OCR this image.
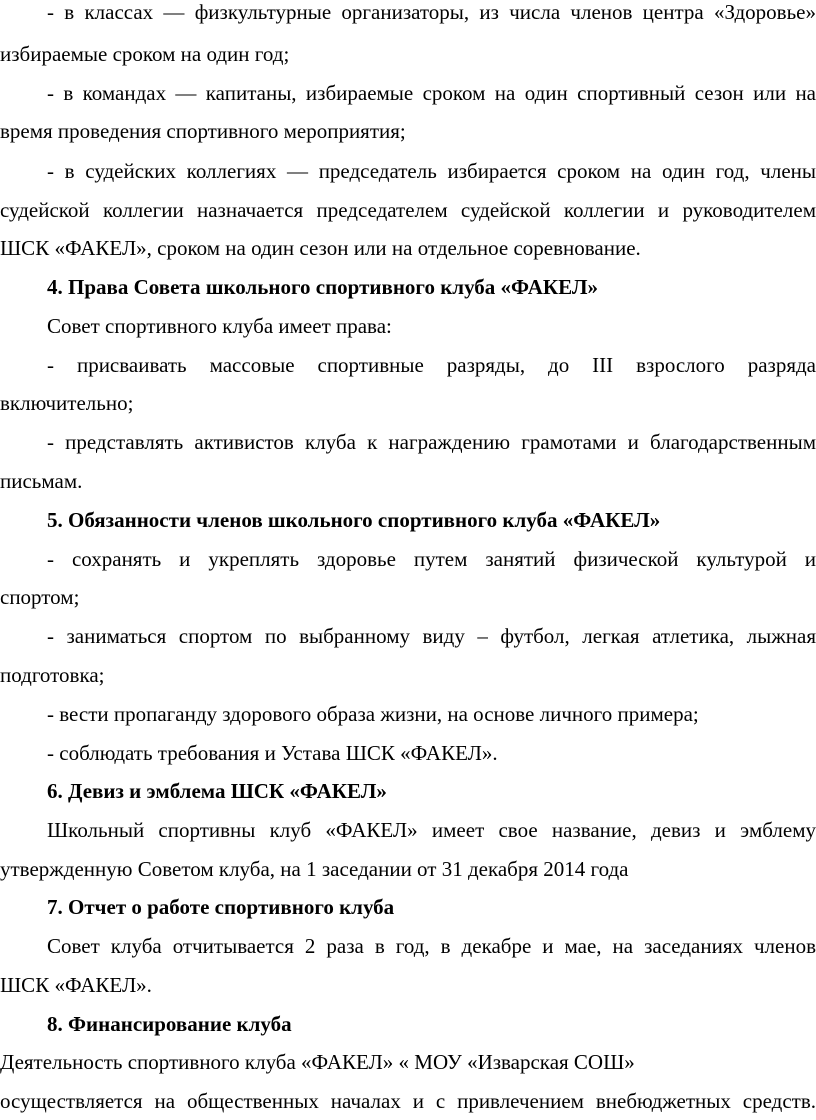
- в классах — физкультурные организаторы, из числа членов центра «Здоровье»

избираемые сроком на один год;

- в командах — капитаны, избираемые сроком на один спортивный сезон или на

время проведения спортивного мероприятия;

- в судейских коллегиях — председатель избирается сроком на один год, члены

судейской коллегии назначается председателем судейской коллегии и руководителем

ШСК «ФАКЕЛ», сроком на один сезон или на отдельное соревнование.

4. Права Совета школьного спортивного клуба «ФАКЕЛ»

Совет спортивного клуба имеет права:

- присваивать массовые спортивные разряды, до III взрослого разряда

включительно;

- представлять активистов клуба к награждению грамотами и благодарственным

письмам.

5. Обязанности членов школьного спортивного клуба «ФАКЕЛ»

- сохранять и укреплять здоровье путем занятий физической культурой и

спортом;

- заниматься спортом по выбранному виду – футбол, легкая атлетика, лыжная

подготовка;

- вести пропаганду здорового образа жизни, на основе личного примера;

- соблюдать требования и Устава ШСК «ФАКЕЛ».

6. Девиз и эмблема ШСК «ФАКЕЛ»

Школьный спортивны клуб «ФАКЕЛ» имеет свое название, девиз и эмблему

утвержденную Советом клуба, на 1 заседании от 31 декабря 2014 года

7. Отчет о работе спортивного клуба

Совет клуба отчитывается 2 раза в год, в декабре и мае, на заседаниях членов

ШСК «ФАКЕЛ».

8. Финансирование клуба

Деятельность спортивного клуба «ФАКЕЛ» « МОУ «Изварская СОШ»

осуществляется на общественных началах и с привлечением внебюджетных средств.
